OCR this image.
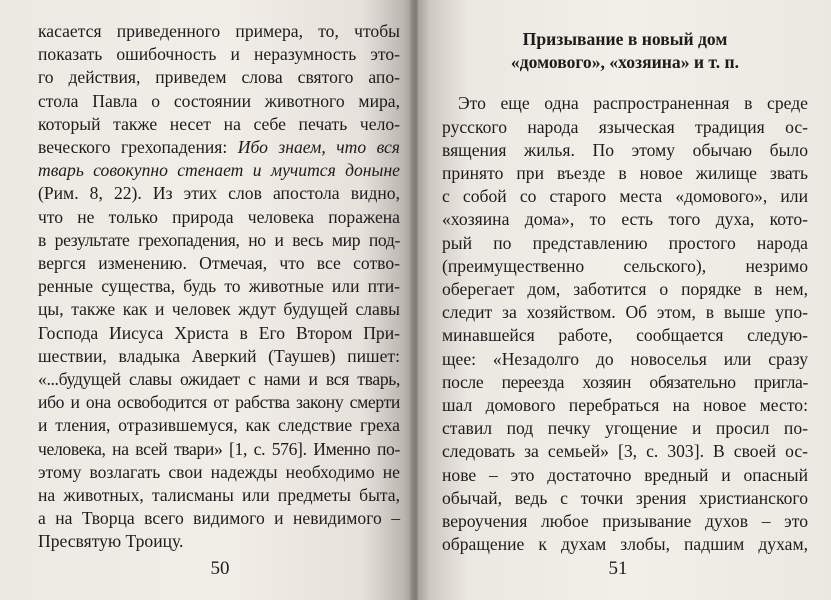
касается приведенного примера, то, чтобы
показать ошибочность и неразумность это-
го действия, приведем слова святого апо-
стола Павла о состоянии животного мира,
который также несет на себе печать чело-
веческого грехопадения: Ибо знаем, что вся
тварь совокупно стенает и мучится доныне
(Рим. 8, 22). Из этих слов апостола видно,
что не только природа человека поражена
в результате грехопадения, но и весь мир под-
вергся изменению. Отмечая, что все сотво-
ренные существа, будь то животные или пти-
цы, также как и человек ждут будущей славы
Господа Иисуса Христа в Его Втором При-
шествии, владыка Аверкий (Таушев) пишет:
«...будущей славы ожидает с нами и вся тварь,
ибо и она освободится от рабства закону смерти
и тления, отразившемуся, как следствие греха
человека, на всей твари» [1, с. 576]. Именно по-
этому возлагать свои надежды необходимо не
на животных, талисманы или предметы быта,
а на Творца всего видимого и невидимого –
Пресвятую Троицу.
50
Призывание в новый дом
«домового», «хозяина» и т. п.
Это еще одна распространенная в среде
русского народа языческая традиция ос-
вящения жилья. По этому обычаю было
принято при въезде в новое жилище звать
с собой со старого места «домового», или
«хозяина дома», то есть того духа, кото-
рый по представлению простого народа
(преимущественно сельского), незримо
оберегает дом, заботится о порядке в нем,
следит за хозяйством. Об этом, в выше упо-
минавшейся работе, сообщается следую-
щее: «Незадолго до новоселья или сразу
после переезда хозяин обязательно пригла-
шал домового перебраться на новое место:
ставил под печку угощение и просил по-
следовать за семьей» [3, с. 303]. В своей ос-
нове – это достаточно вредный и опасный
обычай, ведь с точки зрения христианского
вероучения любое призывание духов – это
обращение к духам злобы, падшим духам,
51
